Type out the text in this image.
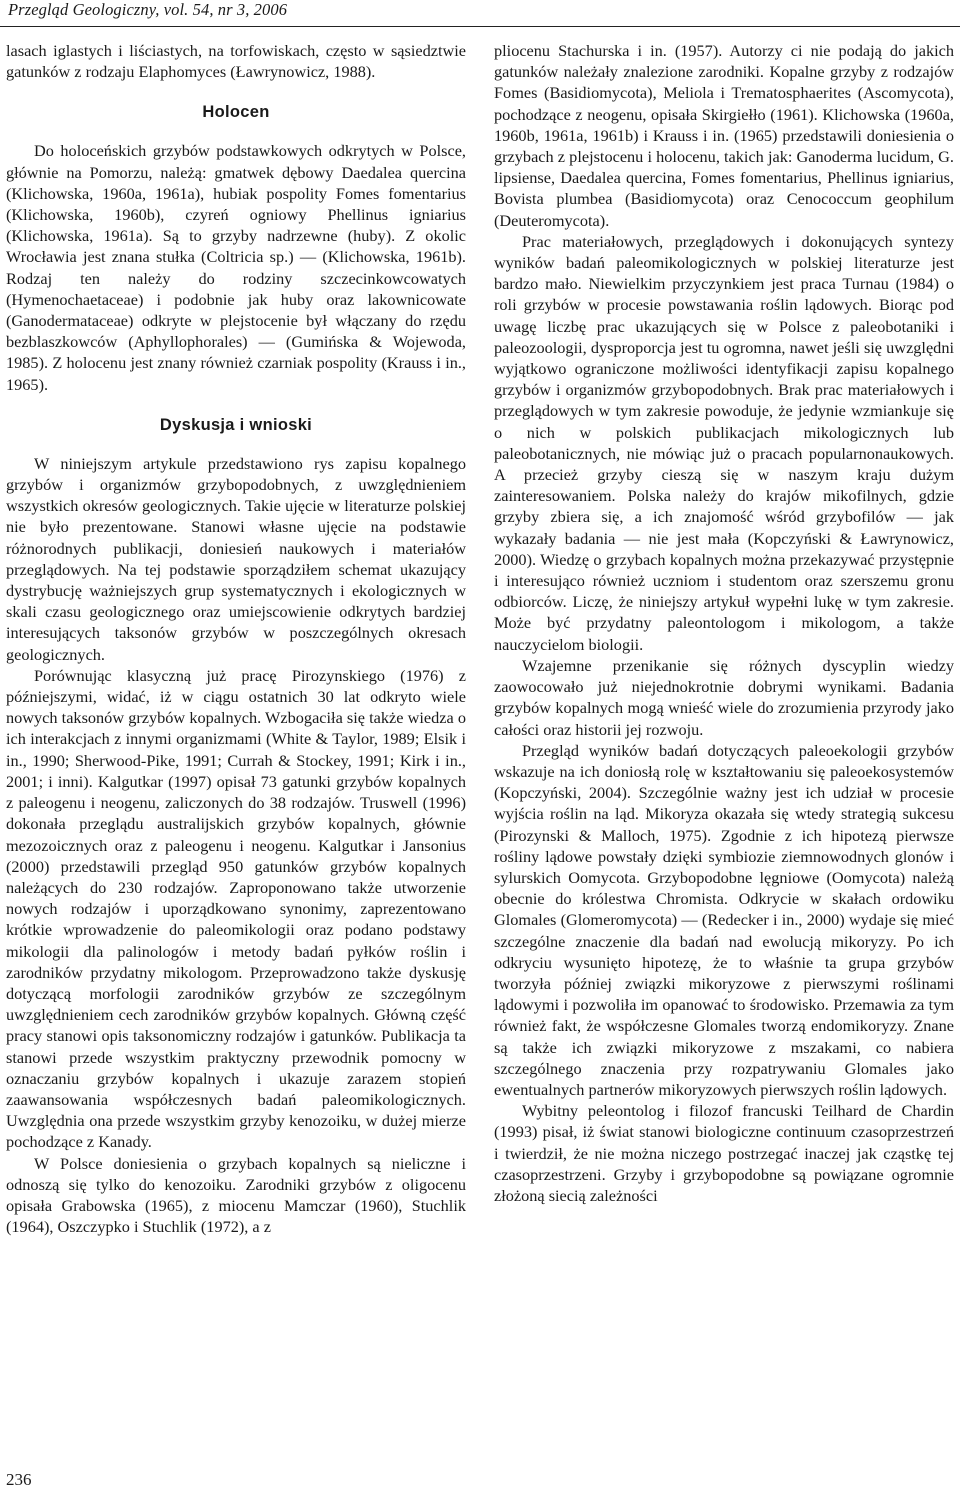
Przegląd Geologiczny, vol. 54, nr 3, 2006

lasach iglastych i liściastych, na torfowiskach, często w sąsiedztwie gatunków z rodzaju Elaphomyces (Ławrynowicz, 1988).

Holocen

Do holoceńskich grzybów podstawkowych odkrytych w Polsce, głównie na Pomorzu, należą: gmatwek dębowy Daedalea quercina (Klichowska, 1960a, 1961a), hubiak pospolity Fomes fomentarius (Klichowska, 1960b), czyreń ogniowy Phellinus igniarius (Klichowska, 1961a). Są to grzyby nadrzewne (huby). Z okolic Wrocławia jest znana stułka (Coltricia sp.) — (Klichowska, 1961b). Rodzaj ten należy do rodziny szczecinkowcowatych (Hymenochaetaceae) i podobnie jak huby oraz lakownicowate (Ganodermataceae) odkryte w plejstocenie był włączany do rzędu bezblaszkowców (Aphyllophorales) — (Gumińska & Wojewoda, 1985). Z holocenu jest znany również czarniak pospolity (Krauss i in., 1965).

Dyskusja i wnioski

W niniejszym artykule przedstawiono rys zapisu kopalnego grzybów i organizmów grzybopodobnych, z uwzględnieniem wszystkich okresów geologicznych. Takie ujęcie w literaturze polskiej nie było prezentowane. Stanowi własne ujęcie na podstawie różnorodnych publikacji, doniesień naukowych i materiałów przeglądowych. Na tej podstawie sporządziłem schemat ukazujący dystrybucję ważniejszych grup systematycznych i ekologicznych w skali czasu geologicznego oraz umiejscowienie odkrytych bardziej interesujących taksonów grzybów w poszczególnych okresach geologicznych.

Porównując klasyczną już pracę Pirozynskiego (1976) z późniejszymi, widać, iż w ciągu ostatnich 30 lat odkryto wiele nowych taksonów grzybów kopalnych. Wzbogaciła się także wiedza o ich interakcjach z innymi organizmami (White & Taylor, 1989; Elsik i in., 1990; Sherwood-Pike, 1991; Currah & Stockey, 1991; Kirk i in., 2001; i inni). Kalgutkar (1997) opisał 73 gatunki grzybów kopalnych z paleogenu i neogenu, zaliczonych do 38 rodzajów. Truswell (1996) dokonała przeglądu australijskich grzybów kopalnych, głównie mezozoicznych oraz z paleogenu i neogenu. Kalgutkar i Jansonius (2000) przedstawili przegląd 950 gatunków grzybów kopalnych należących do 230 rodzajów. Zaproponowano także utworzenie nowych rodzajów i uporządkowano synonimy, zaprezentowano krótkie wprowadzenie do paleomikologii oraz podano podstawy mikologii dla palinologów i metody badań pyłków roślin i zarodników przydatny mikologom. Przeprowadzono także dyskusję dotyczącą morfologii zarodników grzybów ze szczególnym uwzględnieniem cech zarodników grzybów kopalnych. Główną część pracy stanowi opis taksonomiczny rodzajów i gatunków. Publikacja ta stanowi przede wszystkim praktyczny przewodnik pomocny w oznaczaniu grzybów kopalnych i ukazuje zarazem stopień zaawansowania współczesnych badań paleomikologicznych. Uwzględnia ona przede wszystkim grzyby kenozoiku, w dużej mierze pochodzące z Kanady.

W Polsce doniesienia o grzybach kopalnych są nieliczne i odnoszą się tylko do kenozoiku. Zarodniki grzybów z oligocenu opisała Grabowska (1965), z miocenu Mamczar (1960), Stuchlik (1964), Oszczypko i Stuchlik (1972), a z

pliocenu Stachurska i in. (1957). Autorzy ci nie podają do jakich gatunków należały znalezione zarodniki. Kopalne grzyby z rodzajów Fomes (Basidiomycota), Meliola i Trematosphaerites (Ascomycota), pochodzące z neogenu, opisała Skirgiełło (1961). Klichowska (1960a, 1960b, 1961a, 1961b) i Krauss i in. (1965) przedstawili doniesienia o grzybach z plejstocenu i holocenu, takich jak: Ganoderma lucidum, G. lipsiense, Daedalea quercina, Fomes fomentarius, Phellinus igniarius, Bovista plumbea (Basidiomycota) oraz Cenococcum geophilum (Deuteromycota).

Prac materiałowych, przeglądowych i dokonujących syntezy wyników badań paleomikologicznych w polskiej literaturze jest bardzo mało. Niewielkim przyczynkiem jest praca Turnau (1984) o roli grzybów w procesie powstawania roślin lądowych. Biorąc pod uwagę liczbę prac ukazujących się w Polsce z paleobotaniki i paleozoologii, dysproporcja jest tu ogromna, nawet jeśli się uwzględni wyjątkowo ograniczone możliwości identyfikacji zapisu kopalnego grzybów i organizmów grzybopodobnych. Brak prac materiałowych i przeglądowych w tym zakresie powoduje, że jedynie wzmiankuje się o nich w polskich publikacjach mikologicznych lub paleobotanicznych, nie mówiąc już o pracach popularnonaukowych. A przecież grzyby cieszą się w naszym kraju dużym zainteresowaniem. Polska należy do krajów mikofilnych, gdzie grzyby zbiera się, a ich znajomość wśród grzybofilów — jak wykazały badania — nie jest mała (Kopczyński & Ławrynowicz, 2000). Wiedzę o grzybach kopalnych można przekazywać przystępnie i interesująco również uczniom i studentom oraz szerszemu gronu odbiorców. Liczę, że niniejszy artykuł wypełni lukę w tym zakresie. Może być przydatny paleontologom i mikologom, a także nauczycielom biologii.

Wzajemne przenikanie się różnych dyscyplin wiedzy zaowocowało już niejednokrotnie dobrymi wynikami. Badania grzybów kopalnych mogą wnieść wiele do zrozumienia przyrody jako całości oraz historii jej rozwoju.

Przegląd wyników badań dotyczących paleoekologii grzybów wskazuje na ich doniosłą rolę w kształtowaniu się paleoekosystemów (Kopczyński, 2004). Szczególnie ważny jest ich udział w procesie wyjścia roślin na ląd. Mikoryza okazała się wtedy strategią sukcesu (Pirozynski & Malloch, 1975). Zgodnie z ich hipotezą pierwsze rośliny lądowe powstały dzięki symbiozie ziemnowodnych glonów i sylurskich Oomycota. Grzybopodobne lęgniowe (Oomycota) należą obecnie do królestwa Chromista. Odkrycie w skałach ordowiku Glomales (Glomeromycota) — (Redecker i in., 2000) wydaje się mieć szczególne znaczenie dla badań nad ewolucją mikoryzy. Po ich odkryciu wysunięto hipotezę, że to właśnie ta grupa grzybów tworzyła później związki mikoryzowe z pierwszymi roślinami lądowymi i pozwoliła im opanować to środowisko. Przemawia za tym również fakt, że współczesne Glomales tworzą endomikoryzy. Znane są także ich związki mikoryzowe z mszakami, co nabiera szczególnego znaczenia przy rozpatrywaniu Glomales jako ewentualnych partnerów mikoryzowych pierwszych roślin lądowych.

Wybitny peleontolog i filozof francuski Teilhard de Chardin (1993) pisał, iż świat stanowi biologiczne continuum czasoprzestrzeń i twierdził, że nie można niczego postrzegać inaczej jak cząstkę tej czasoprzestrzeni. Grzyby i grzybopodobne są powiązane ogromnie złożoną siecią zależności

236
